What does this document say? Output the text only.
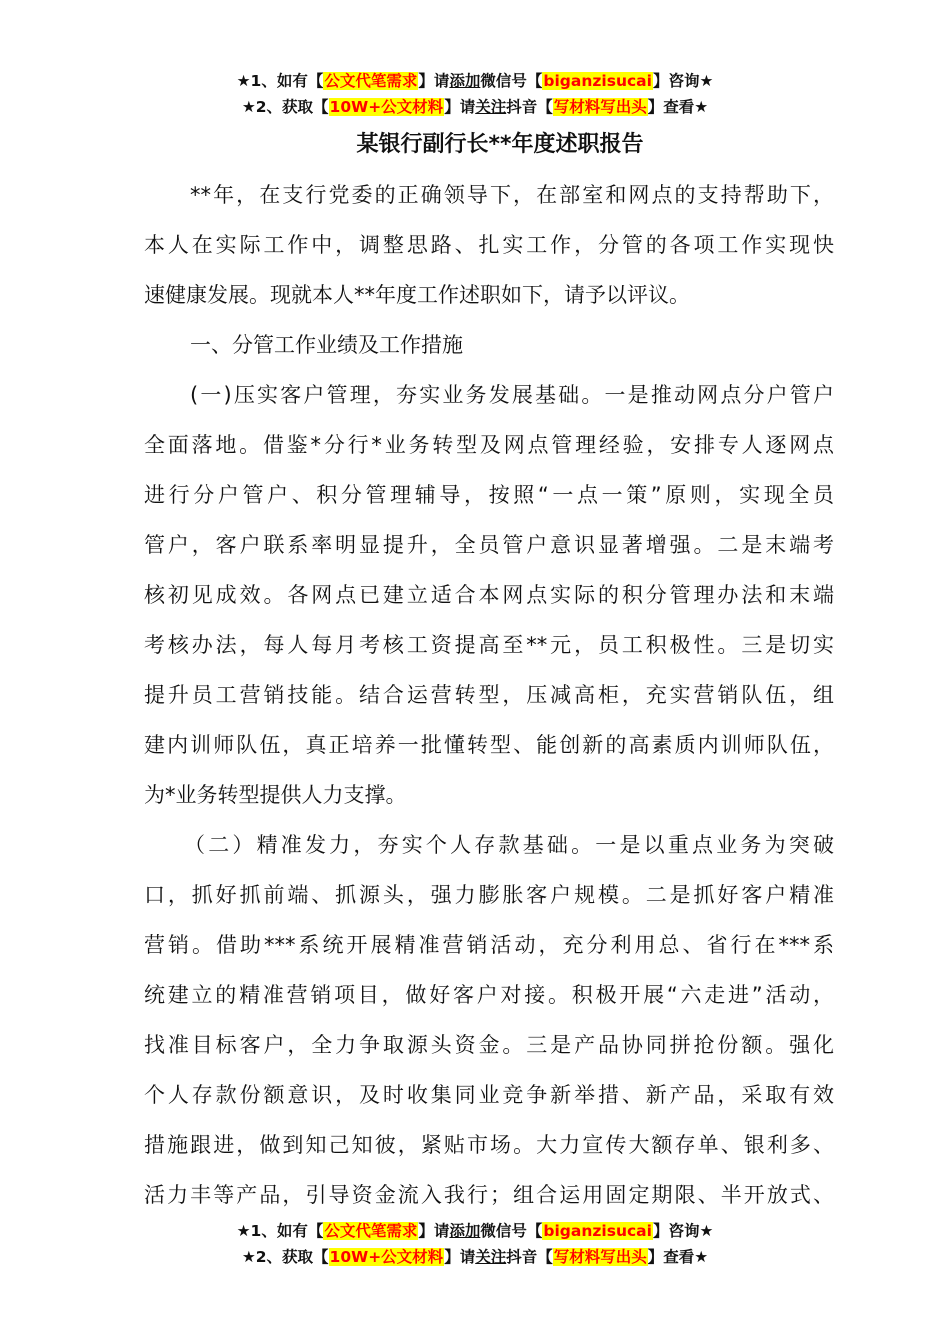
★1、如有【公文代笔需求】请添加微信号【biganzisucai】咨询★
★2、获取【10W+公文材料】请关注抖音【写材料写出头】查看★
某银行副行长**年度述职报告
**年，在支行党委的正确领导下，在部室和网点的支持帮助下，
本人在实际工作中，调整思路、扎实工作，分管的各项工作实现快
速健康发展。现就本人**年度工作述职如下，请予以评议。
一、分管工作业绩及工作措施
(一)压实客户管理，夯实业务发展基础。一是推动网点分户管户
全面落地。借鉴*分行*业务转型及网点管理经验，安排专人逐网点
进行分户管户、积分管理辅导，按照“一点一策”原则，实现全员
管户，客户联系率明显提升，全员管户意识显著增强。二是末端考
核初见成效。各网点已建立适合本网点实际的积分管理办法和末端
考核办法，每人每月考核工资提高至**元，员工积极性。三是切实
提升员工营销技能。结合运营转型，压减高柜，充实营销队伍，组
建内训师队伍，真正培养一批懂转型、能创新的高素质内训师队伍，
为*业务转型提供人力支撑。
（二）精准发力，夯实个人存款基础。一是以重点业务为突破
口，抓好抓前端、抓源头，强力膨胀客户规模。二是抓好客户精准
营销。借助***系统开展精准营销活动，充分利用总、省行在***系
统建立的精准营销项目，做好客户对接。积极开展“六走进”活动，
找准目标客户，全力争取源头资金。三是产品协同拼抢份额。强化
个人存款份额意识，及时收集同业竞争新举措、新产品，采取有效
措施跟进，做到知己知彼，紧贴市场。大力宣传大额存单、银利多、
活力丰等产品，引导资金流入我行；组合运用固定期限、半开放式、
★1、如有【公文代笔需求】请添加微信号【biganzisucai】咨询★
★2、获取【10W+公文材料】请关注抖音【写材料写出头】查看★
